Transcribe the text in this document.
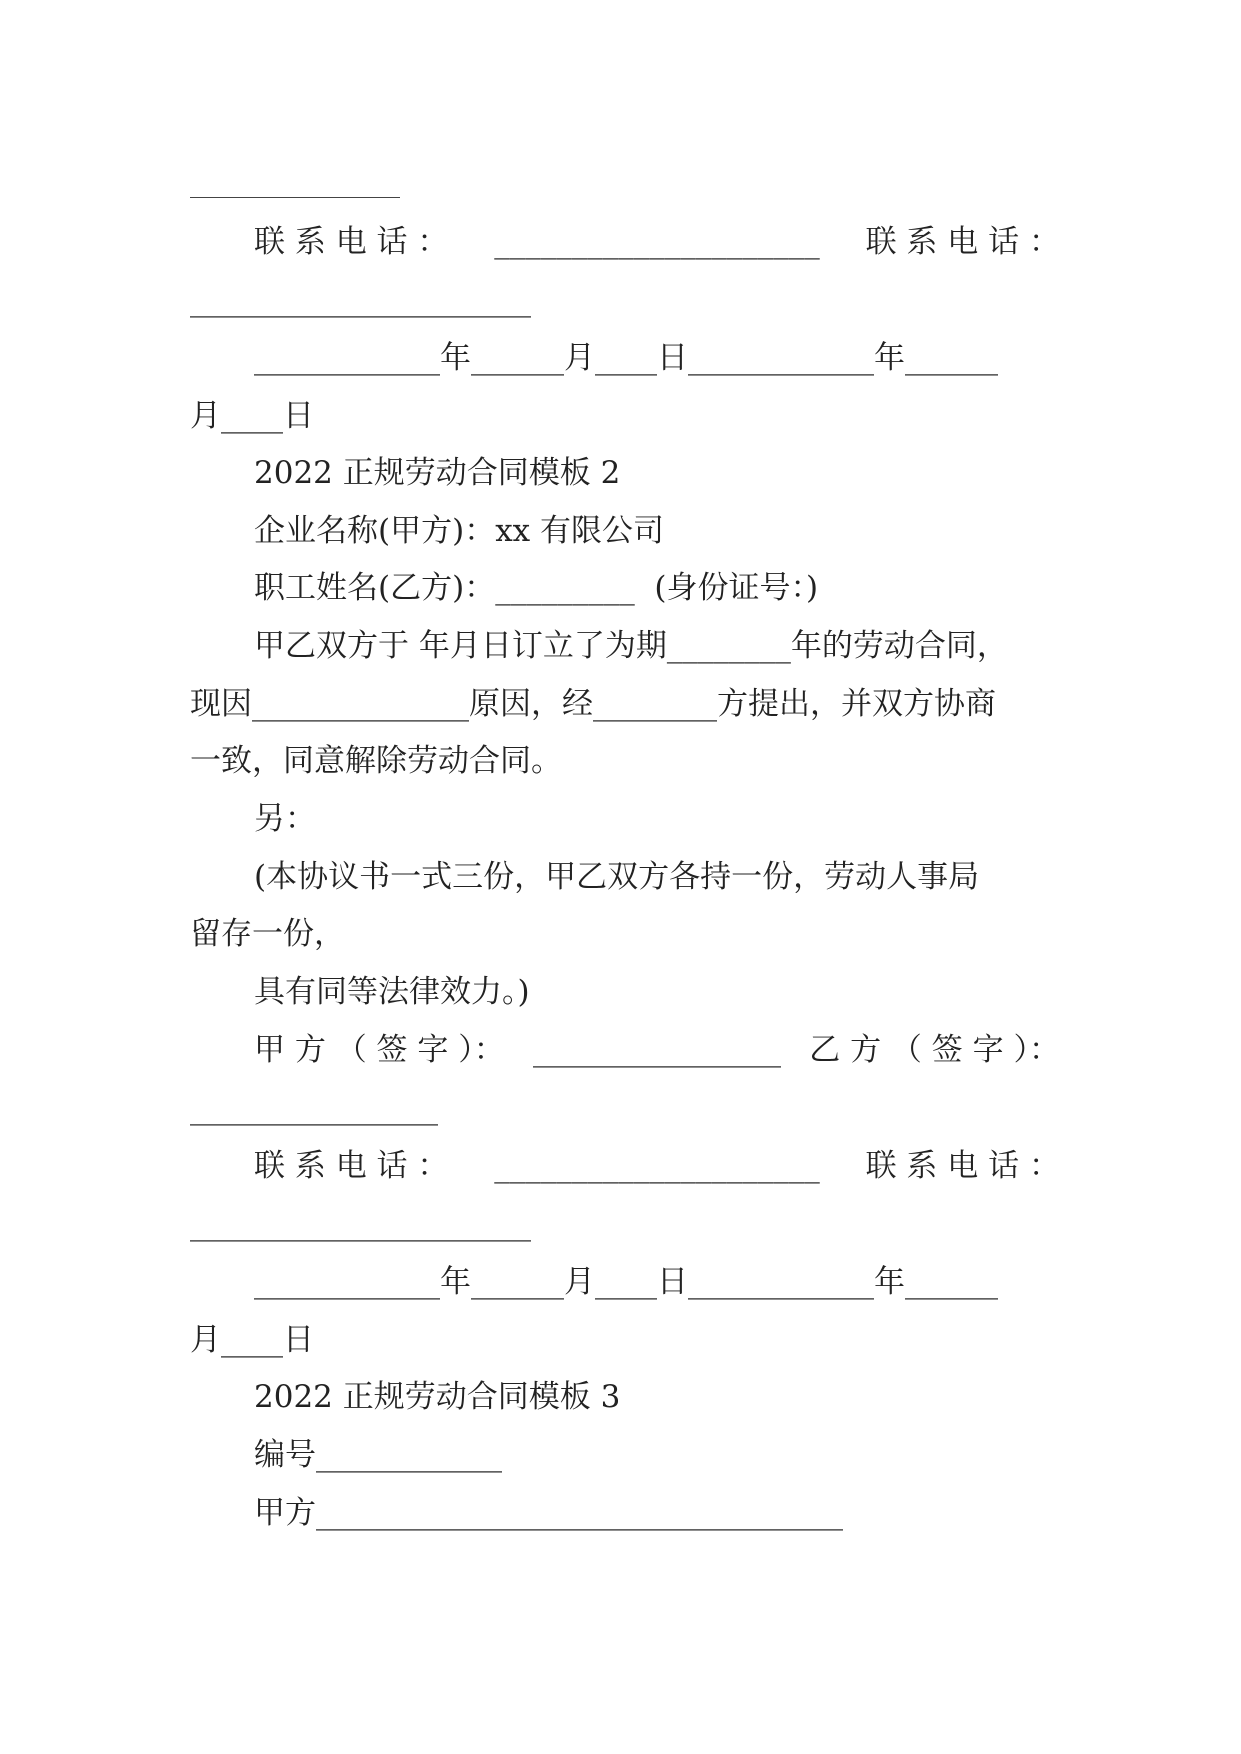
联 系 电 话 ： _____________________ 联 系 电 话 ：
______________________
____________年______月____日____________年______
月____日
2022 正规劳动合同模板 2
企业名称(甲方)：xx 有限公司
职工姓名(乙方)：_________  (身份证号：)
甲乙双方于 年月日订立了为期________年的劳动合同，
现因______________原因，经________方提出，并双方协商
一致，同意解除劳动合同。
另：
(本协议书一式三份，甲乙双方各持一份，劳动人事局
留存一份，
具有同等法律效力。)
甲 方 （ 签 字 ）： ________________ 乙 方 （ 签 字 ）：
________________
联 系 电 话 ： _____________________ 联 系 电 话 ：
______________________
____________年______月____日____________年______
月____日
2022 正规劳动合同模板 3
编号____________
甲方__________________________________
